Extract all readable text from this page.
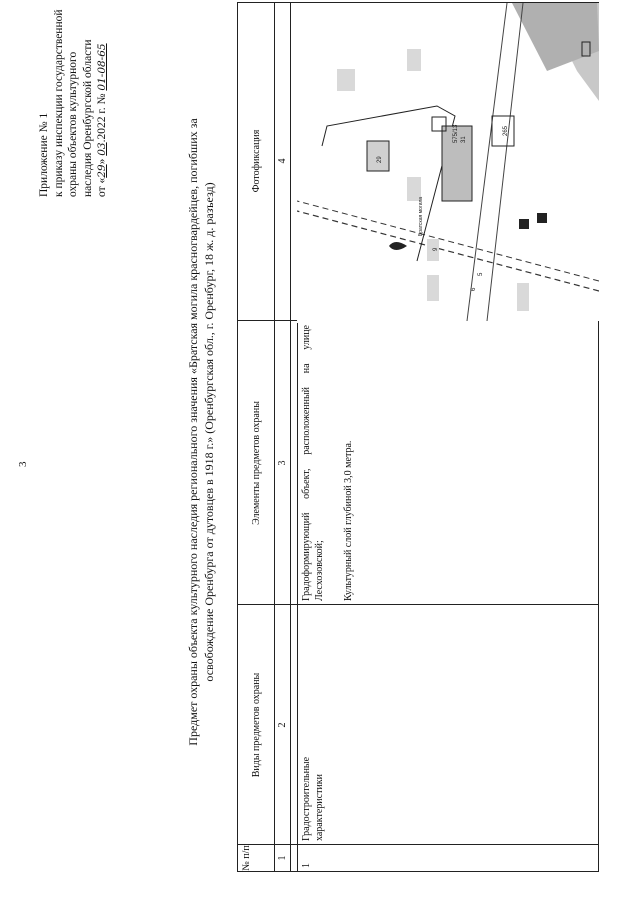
3
Приложение № 1 к приказу инспекции государственной охраны объектов культурного наследия Оренбургской области от «29» 03.2022 г. № 01-08-65
Предмет охраны объекта культурного наследия регионального значения «Братская могила красногвардейцев, погибших за освобождение Оренбурга от дутовцев в 1918 г.» (Оренбургская обл., г. Оренбург, 18 ж. д. разъезд)
№ п/п
Виды предметов охраны
Элементы предметов охраны
Фотофиксация
1
2
3
4
1
Градостроительные характеристики
Градоформирующий объект, расположенный на улице Лесхозовской; Культурный слой глубиной 3,0 метра.
575/13 31
29
265
9
6
5
Братская могила
